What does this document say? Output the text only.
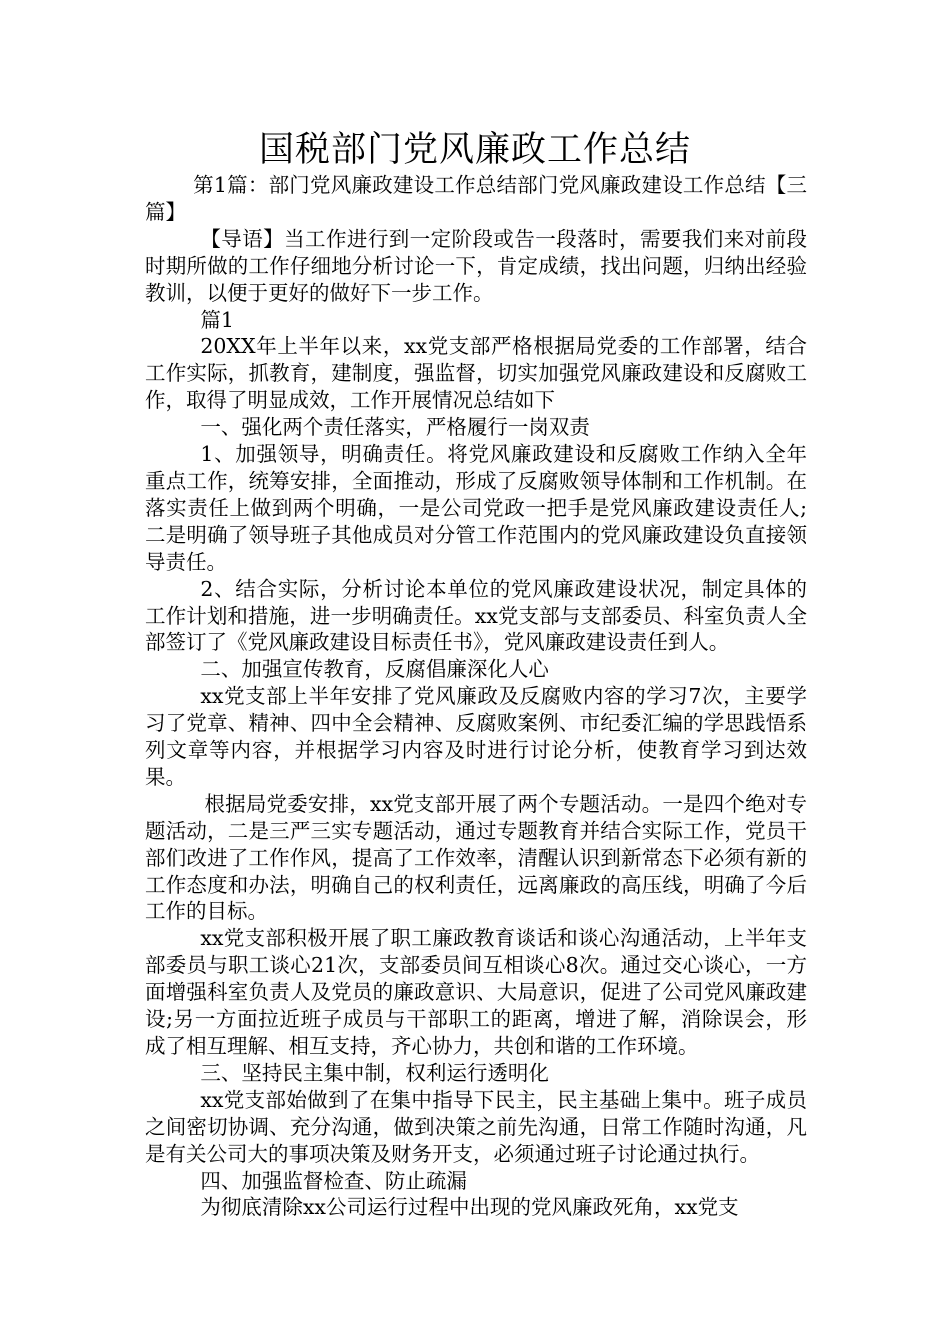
国税部门党风廉政工作总结

第1篇：部门党风廉政建设工作总结部门党风廉政建设工作总结【三篇】

【导语】当工作进行到一定阶段或告一段落时，需要我们来对前段时期所做的工作仔细地分析讨论一下，肯定成绩，找出问题，归纳出经验教训，以便于更好的做好下一步工作。

篇1

20XX年上半年以来，xx党支部严格根据局党委的工作部署，结合工作实际，抓教育，建制度，强监督，切实加强党风廉政建设和反腐败工作，取得了明显成效，工作开展情况总结如下

一、强化两个责任落实，严格履行一岗双责

1、加强领导，明确责任。将党风廉政建设和反腐败工作纳入全年重点工作，统筹安排，全面推动，形成了反腐败领导体制和工作机制。在落实责任上做到两个明确，一是公司党政一把手是党风廉政建设责任人;二是明确了领导班子其他成员对分管工作范围内的党风廉政建设负直接领导责任。

2、结合实际，分析讨论本单位的党风廉政建设状况，制定具体的工作计划和措施，进一步明确责任。xx党支部与支部委员、科室负责人全部签订了《党风廉政建设目标责任书》，党风廉政建设责任到人。

二、加强宣传教育，反腐倡廉深化人心

xx党支部上半年安排了党风廉政及反腐败内容的学习7次，主要学习了党章、精神、四中全会精神、反腐败案例、市纪委汇编的学思践悟系列文章等内容，并根据学习内容及时进行讨论分析，使教育学习到达效果。

根据局党委安排，xx党支部开展了两个专题活动。一是四个绝对专题活动，二是三严三实专题活动，通过专题教育并结合实际工作，党员干部们改进了工作作风，提高了工作效率，清醒认识到新常态下必须有新的工作态度和办法，明确自己的权利责任，远离廉政的高压线，明确了今后工作的目标。

xx党支部积极开展了职工廉政教育谈话和谈心沟通活动，上半年支部委员与职工谈心21次，支部委员间互相谈心8次。通过交心谈心，一方面增强科室负责人及党员的廉政意识、大局意识，促进了公司党风廉政建设;另一方面拉近班子成员与干部职工的距离，增进了解，消除误会，形成了相互理解、相互支持，齐心协力，共创和谐的工作环境。

三、坚持民主集中制，权利运行透明化

xx党支部始做到了在集中指导下民主，民主基础上集中。班子成员之间密切协调、充分沟通，做到决策之前先沟通，日常工作随时沟通，凡是有关公司大的事项决策及财务开支，必须通过班子讨论通过执行。

四、加强监督检查、防止疏漏

为彻底清除xx公司运行过程中出现的党风廉政死角，xx党支
